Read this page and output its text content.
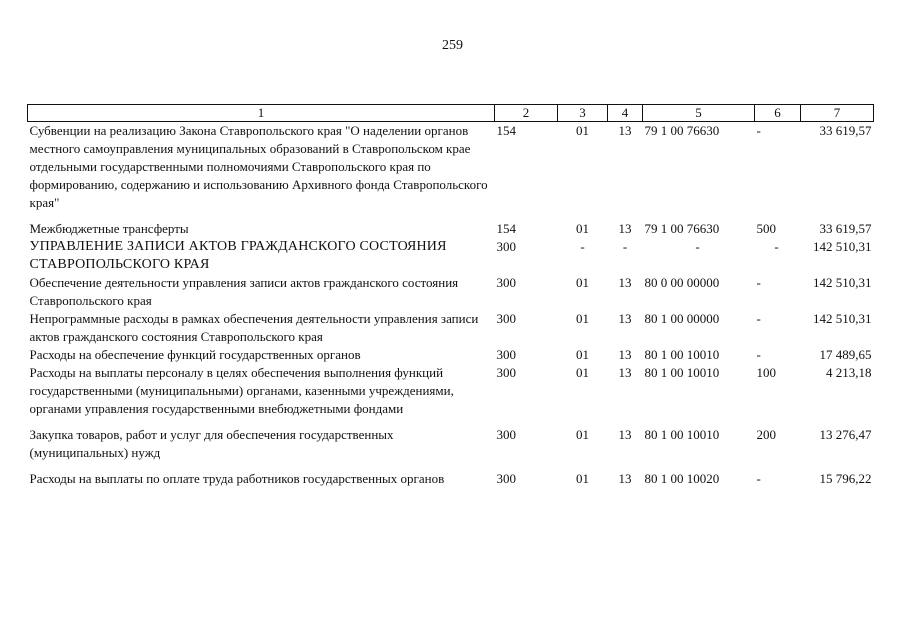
259
1	2	3	4	5	6	7
Субвенции на реализацию Закона Ставропольского края "О наделении органов местного самоуправления муниципальных образований в Ставропольском крае отдельными государственными полномочиями Ставропольского края по формированию, содержанию и использованию Архивного фонда Ставропольского края"	154	01	13	79 1 00 76630	-	33 619,57
Межбюджетные трансферты	154	01	13	79 1 00 76630	500	33 619,57
УПРАВЛЕНИЕ ЗАПИСИ АКТОВ ГРАЖДАНСКОГО СОСТОЯНИЯ СТАВРОПОЛЬСКОГО КРАЯ	300	-	-	-	-	142 510,31
Обеспечение деятельности управления записи актов гражданского состояния Ставропольского края	300	01	13	80 0 00 00000	-	142 510,31
Непрограммные расходы в рамках обеспечения деятельности управления записи актов гражданского состояния Ставропольского края	300	01	13	80 1 00 00000	-	142 510,31
Расходы на обеспечение функций государственных органов	300	01	13	80 1 00 10010	-	17 489,65
Расходы на выплаты персоналу в целях обеспечения выполнения функций государственными (муниципальными) органами, казенными учреждениями, органами управления государственными внебюджетными фондами	300	01	13	80 1 00 10010	100	4 213,18
Закупка товаров, работ и услуг для обеспечения государственных (муниципальных) нужд	300	01	13	80 1 00 10010	200	13 276,47
Расходы на выплаты по оплате труда работников государственных органов	300	01	13	80 1 00 10020	-	15 796,22
